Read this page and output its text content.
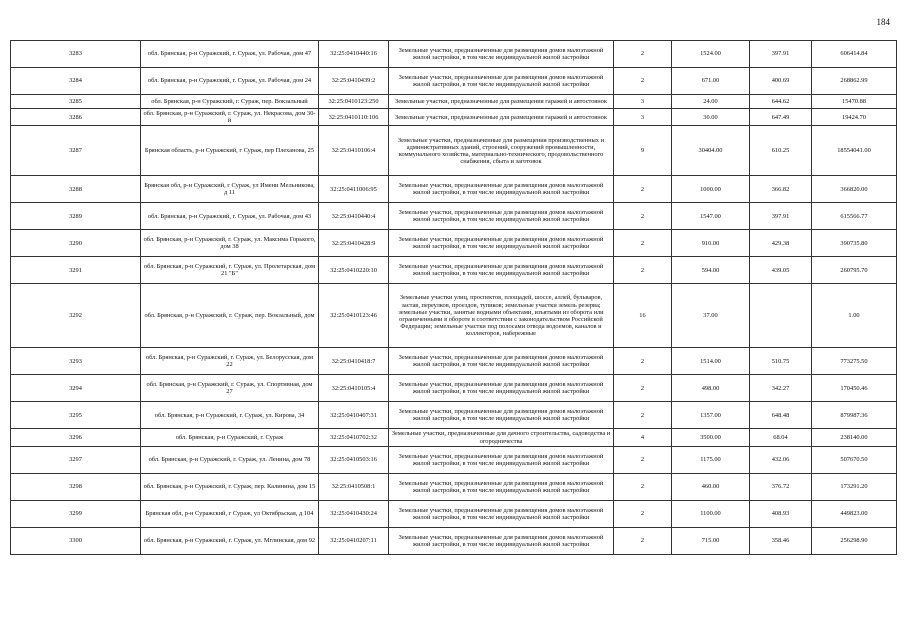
184
3283	обл. Брянская, р-н Суражский, г. Сураж, ул. Рабочая, дом 47	32:25:0410440:16	Земельные участки, предназначенные для размещения домов малоэтажной жилой застройки, в том числе индивидуальной жилой застройки	2	1524.00	397.91	606414.84
3284	обл. Брянская, р-н Суражский, г. Сураж, ул. Рабочая, дом 24	32:25:0410439:2	Земельные участки, предназначенные для размещения домов малоэтажной жилой застройки, в том числе индивидуальной жилой застройки	2	671.00	400.69	268862.99
3285	обл. Брянская, р-н Суражский, г. Сураж, пер. Вокзальный	32:25:0410123:250	Земельные участки, предназначенные для размещения гаражей и автостоянок	3	24.00	644.62	15470.88
3286	обл. Брянская, р-н Суражский, г. Сураж, ул. Некрасова, дом 30-й	32:25:0410110:106	Земельные участки, предназначенные для размещения гаражей и автостоянок	3	30.00	647.49	19424.70
3287	Брянская область, р-н Суражский, г Сураж, пер Плеханова, 25	32:25:0410106:4	Земельные участки, предназначенные для размещения производственных и административных зданий, строений, сооружений промышленности, коммунального хозяйства, материально-технического, продовольственного снабжения, сбыта и заготовок	9	30404.00	610.25	18554041.00
3288	Брянская обл, р-н Суражский, г Сураж, ул Имени Мельникова, д 11	32:25:0411006:95	Земельные участки, предназначенные для размещения домов малоэтажной жилой застройки, в том числе индивидуальной жилой застройки	2	1000.00	366.82	366820.00
3289	обл. Брянская, р-н Суражский, г. Сураж, ул. Рабочая, дом 43	32:25:0410440:4	Земельные участки, предназначенные для размещения домов малоэтажной жилой застройки, в том числе индивидуальной жилой застройки	2	1547.00	397.91	615566.77
3290	обл. Брянская, р-н Суражский, г. Сураж, ул. Максима Горького, дом 38	32:25:0410428:9	Земельные участки, предназначенные для размещения домов малоэтажной жилой застройки, в том числе индивидуальной жилой застройки	2	910.00	429.38	390735.80
3291	обл. Брянская, р-н Суражский, г. Сураж, ул. Пролетарская, дом 21 "Б"	32:25:0410220:10	Земельные участки, предназначенные для размещения домов малоэтажной жилой застройки, в том числе индивидуальной жилой застройки	2	594.00	439.05	260795.70
3292	обл. Брянская, р-н Суражский, г. Сураж, пер. Вокзальный, дом	32:25:0410123:46	Земельные участки улиц, проспектов, площадей, шоссе, аллей, бульваров, застав, переулков, проездов, тупиков; земельные участки земель резерва; земельные участки, занятые водными объектами, изъятыми из оборота или ограниченными в обороте в соответствии с законодательством Российской Федерации; земельные участки под полосами отвода водоемов, каналов и коллекторов, набережные	16	37.00		1.00
3293	обл. Брянская, р-н Суражский, г. Сураж, ул. Белорусская, дом 22	32:25:0410418:7	Земельные участки, предназначенные для размещения домов малоэтажной жилой застройки, в том числе индивидуальной жилой застройки	2	1514.00	510.75	773275.50
3294	обл. Брянская, р-н Суражский, г. Сураж, ул. Спортивная, дом 27	32:25:0410105:4	Земельные участки, предназначенные для размещения домов малоэтажной жилой застройки, в том числе индивидуальной жилой застройки	2	498.00	342.27	170450.46
3295	обл. Брянская, р-н Суражский, г. Сураж, ул. Кирова, 34	32:25:0410407:31	Земельные участки, предназначенные для размещения домов малоэтажной жилой застройки, в том числе индивидуальной жилой застройки	2	1357.00	648.48	879987.36
3296	обл. Брянская, р-н Суражский, г. Сураж	32:25:0410702:32	Земельные участки, предназначенные для дачного строительства, садоводства и огородничества	4	3500.00	68.04	238140.00
3297	обл. Брянская, р-н Суражский, г. Сураж, ул. Ленина, дом 78	32:25:0410503:16	Земельные участки, предназначенные для размещения домов малоэтажной жилой застройки, в том числе индивидуальной жилой застройки	2	1175.00	432.06	507670.50
3298	обл. Брянская, р-н Суражский, г. Сураж, пер. Калинина, дом 15	32:25:0410508:1	Земельные участки, предназначенные для размещения домов малоэтажной жилой застройки, в том числе индивидуальной жилой застройки	2	460.00	376.72	173291.20
3299	Брянская обл, р-н Суражский, г Сураж, ул Октябрьская, д 104	32:25:0410430:24	Земельные участки, предназначенные для размещения домов малоэтажной жилой застройки, в том числе индивидуальной жилой застройки	2	1100.00	408.93	449823.00
3300	обл. Брянская, р-н Суражский, г. Сураж, ул. Мглинская, дом 92	32:25:0410207:11	Земельные участки, предназначенные для размещения домов малоэтажной жилой застройки, в том числе индивидуальной жилой застройки	2	715.00	358.46	256298.90
